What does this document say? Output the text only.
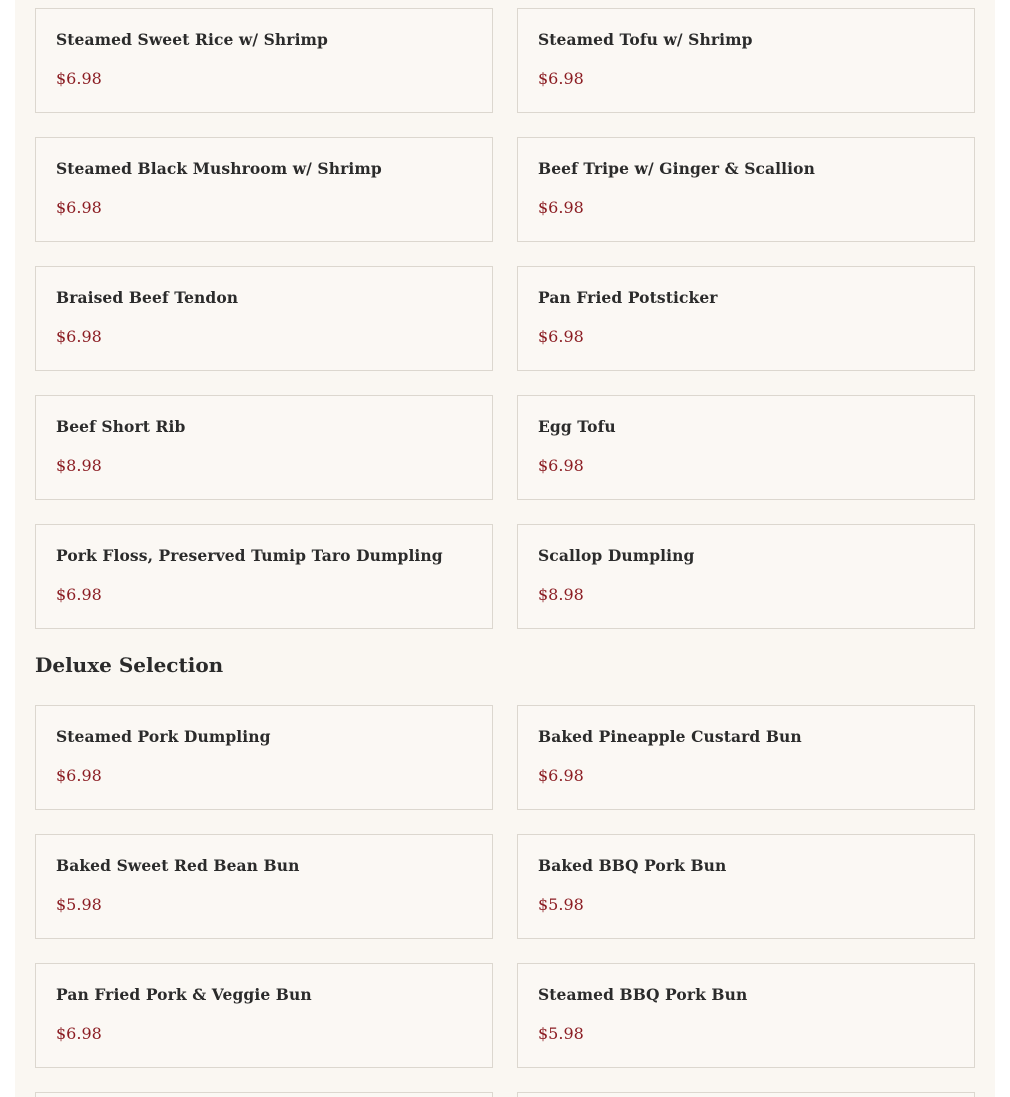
Steamed Sweet Rice w/ Shrimp
$6.98
Steamed Tofu w/ Shrimp
$6.98
Steamed Black Mushroom w/ Shrimp
$6.98
Beef Tripe w/ Ginger & Scallion
$6.98
Braised Beef Tendon
$6.98
Pan Fried Potsticker
$6.98
Beef Short Rib
$8.98
Egg Tofu
$6.98
Pork Floss, Preserved Tumip Taro Dumpling
$6.98
Scallop Dumpling
$8.98
Deluxe Selection
Steamed Pork Dumpling
$6.98
Baked Pineapple Custard Bun
$6.98
Baked Sweet Red Bean Bun
$5.98
Baked BBQ Pork Bun
$5.98
Pan Fried Pork & Veggie Bun
$6.98
Steamed BBQ Pork Bun
$5.98
